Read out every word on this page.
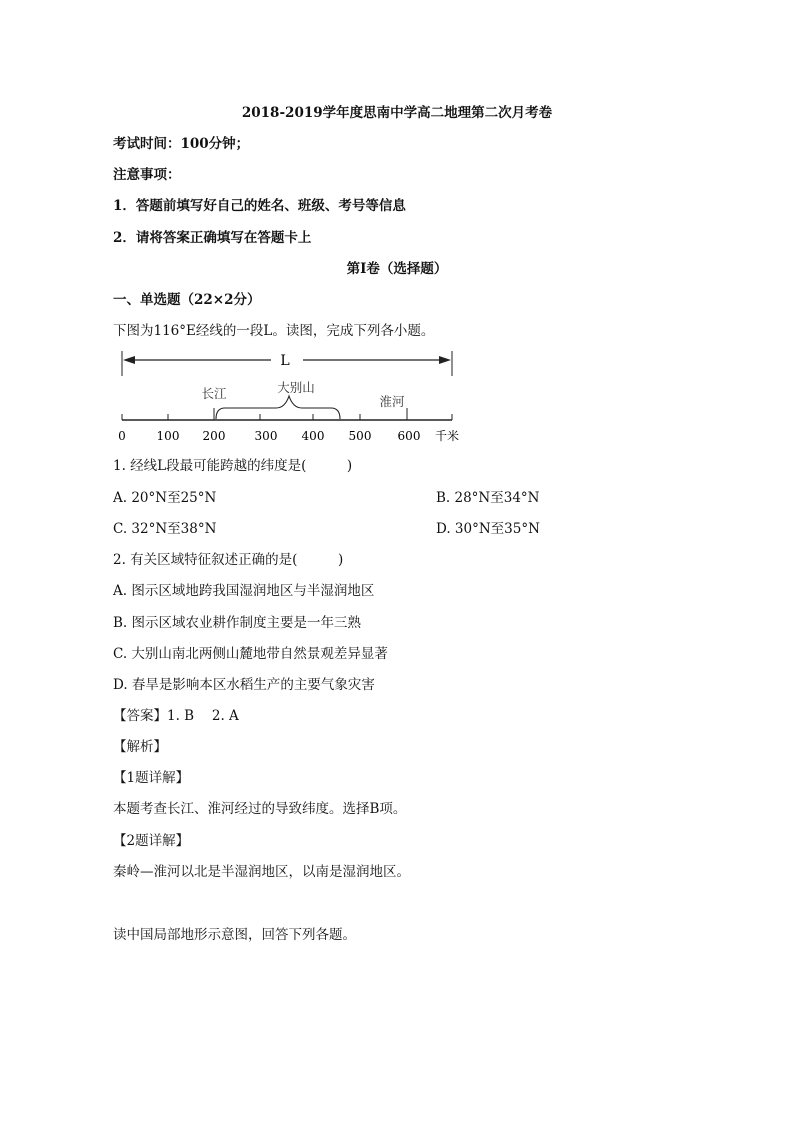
2018-2019学年度思南中学高二地理第二次月考卷
考试时间：100分钟；
注意事项：
1．答题前填写好自己的姓名、班级、考号等信息
2．请将答案正确填写在答题卡上
第I卷（选择题）
一、单选题（22×2分）
下图为116°E经线的一段L。读图，完成下列各小题。
L
长江	大别山
淮河
0	100 200 300 400 500 600 千米
1. 经线L段最可能跨越的纬度是(　　　)
A. 20°N至25°N	B. 28°N至34°N
C. 32°N至38°N	D. 30°N至35°N
2. 有关区域特征叙述正确的是(　　　)
A. 图示区域地跨我国湿润地区与半湿润地区
B. 图示区域农业耕作制度主要是一年三熟
C. 大别山南北两侧山麓地带自然景观差异显著
D. 春旱是影响本区水稻生产的主要气象灾害
【答案】1. B　 2. A
【解析】
【1题详解】
本题考查长江、淮河经过的导致纬度。选择B项。
【2题详解】
秦岭—淮河以北是半湿润地区，以南是湿润地区。
读中国局部地形示意图，回答下列各题。
